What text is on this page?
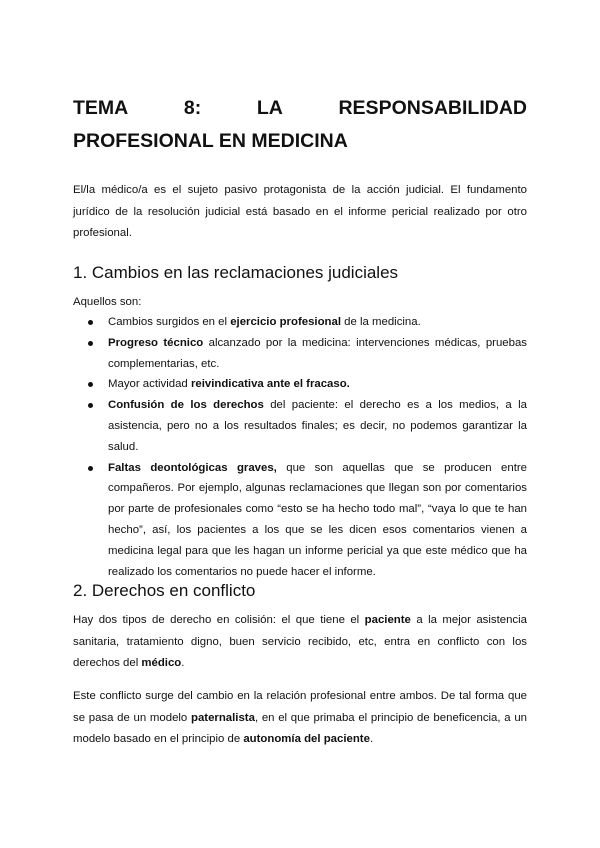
TEMA	8:	LA	RESPONSABILIDAD
PROFESIONAL EN MEDICINA

El/la médico/a es el sujeto pasivo protagonista de la acción judicial. El fundamento jurídico de la resolución judicial está basado en el informe pericial realizado por otro profesional.

1. Cambios en las reclamaciones judiciales
Aquellos son:
Cambios surgidos en el ejercicio profesional de la medicina.
Progreso técnico alcanzado por la medicina: intervenciones médicas, pruebas complementarias, etc.
Mayor actividad reivindicativa ante el fracaso.
Confusión de los derechos del paciente: el derecho es a los medios, a la asistencia, pero no a los resultados finales; es decir, no podemos garantizar la salud.
Faltas deontológicas graves, que son aquellas que se producen entre compañeros. Por ejemplo, algunas reclamaciones que llegan son por comentarios por parte de profesionales como “esto se ha hecho todo mal”, “vaya lo que te han hecho”, así, los pacientes a los que se les dicen esos comentarios vienen a medicina legal para que les hagan un informe pericial ya que este médico que ha realizado los comentarios no puede hacer el informe.
2. Derechos en conflicto

Hay dos tipos de derecho en colisión: el que tiene el paciente a la mejor asistencia sanitaria, tratamiento digno, buen servicio recibido, etc, entra en conflicto con los derechos del médico.

Este conflicto surge del cambio en la relación profesional entre ambos. De tal forma que se pasa de un modelo paternalista, en el que primaba el principio de beneficencia, a un modelo basado en el principio de autonomía del paciente.
